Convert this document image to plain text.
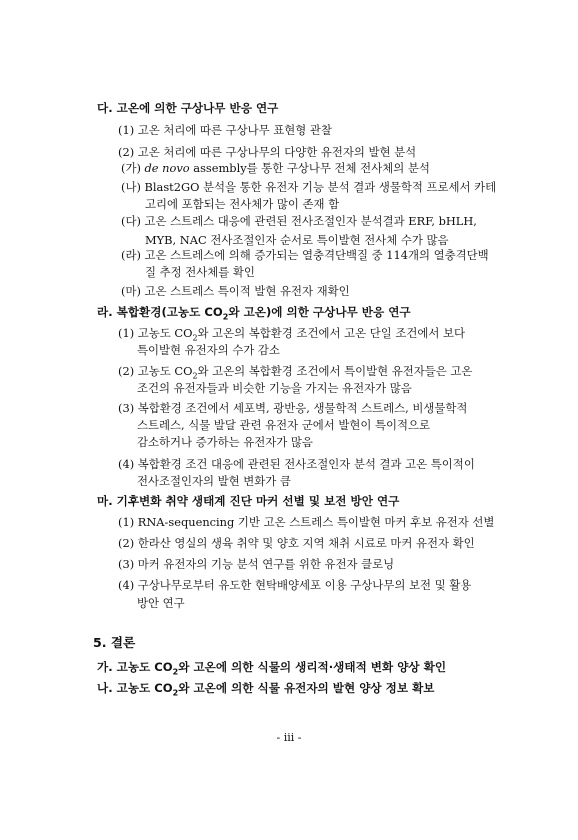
다. 고온에 의한 구상나무 반응 연구
(1) 고온 처리에 따른 구상나무 표현형 관찰
(2) 고온 처리에 따른 구상나무의 다양한 유전자의 발현 분석
(가) de novo assembly를 통한 구상나무 전체 전사체의 분석
(나) Blast2GO 분석을 통한 유전자 기능 분석 결과 생물학적 프로세서 카테
고리에 포함되는 전사체가 많이 존재 함
(다) 고온 스트레스 대응에 관련된 전사조절인자 분석결과 ERF, bHLH,
MYB, NAC 전사조절인자 순서로 특이발현 전사체 수가 많음
(라) 고온 스트레스에 의해 증가되는 열충격단백질 중 114개의 열충격단백
질 추정 전사체를 확인
(마) 고온 스트레스 특이적 발현 유전자 재확인
라. 복합환경(고농도 $CO_2$와 고온)에 의한 구상나무 반응 연구
(1) 고농도 $CO_2$와 고온의 복합환경 조건에서 고온 단일 조건에서 보다
특이발현 유전자의 수가 감소
(2) 고농도 $CO_2$와 고온의 복합환경 조건에서 특이발현 유전자들은 고온
조건의 유전자들과 비슷한 기능을 가지는 유전자가 많음
(3) 복합환경 조건에서 세포벽, 광반응, 생물학적 스트레스, 비생물학적
스트레스, 식물 발달 관련 유전자 군에서 발현이 특이적으로
감소하거나 증가하는 유전자가 많음
(4) 복합환경 조건 대응에 관련된 전사조절인자 분석 결과 고온 특이적이
전사조절인자의 발현 변화가 큼
마. 기후변화 취약 생태계 진단 마커 선별 및 보전 방안 연구
(1) RNA-sequencing 기반 고온 스트레스 특이발현 마커 후보 유전자 선별
(2) 한라산 영실의 생육 취약 및 양호 지역 채취 시료로 마커 유전자 확인
(3) 마커 유전자의 기능 분석 연구를 위한 유전자 클로닝
(4) 구상나무로부터 유도한 현탁배양세포 이용 구상나무의 보전 및 활용
방안 연구
5. 결론
가. 고농도 $CO_2$와 고온에 의한 식물의 생리적·생태적 변화 양상 확인
나. 고농도 $CO_2$와 고온에 의한 식물 유전자의 발현 양상 정보 확보
- iii -
